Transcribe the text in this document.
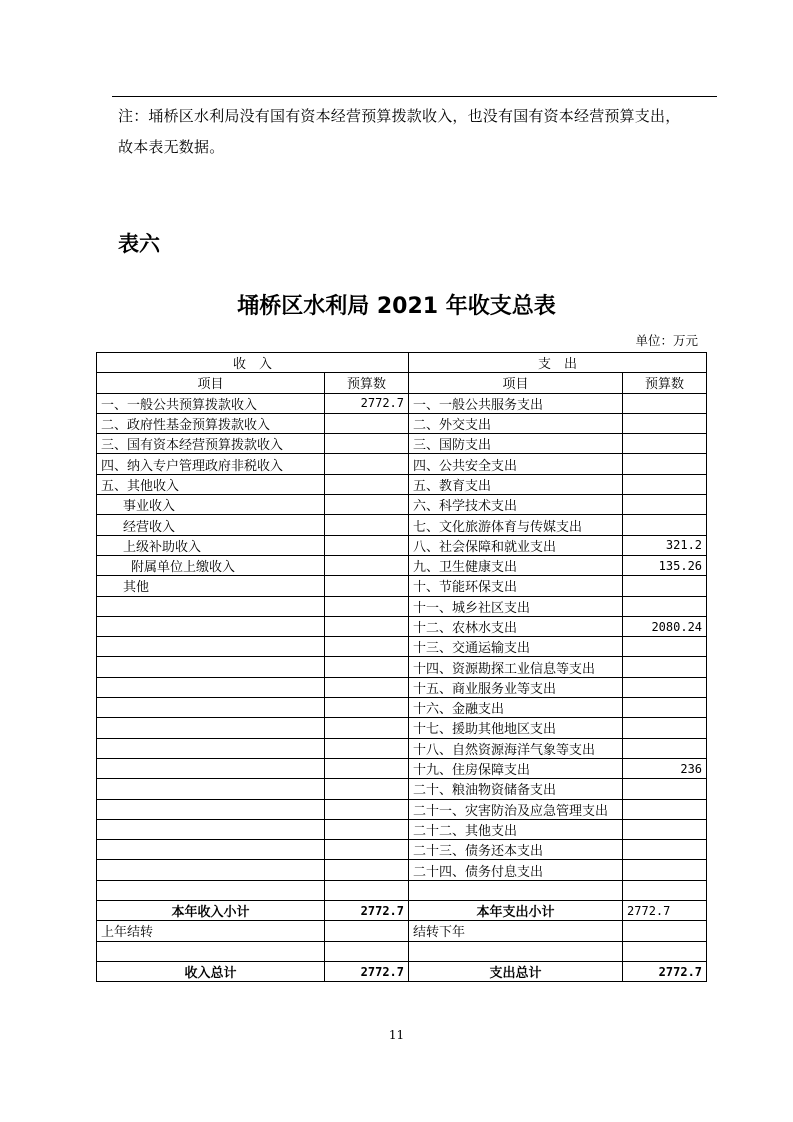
注：埇桥区水利局没有国有资本经营预算拨款收入，也没有国有资本经营预算支出，
故本表无数据。
表六
埇桥区水利局 2021 年收支总表
单位：万元
收　入		支　出	
项目	预算数	项目	预算数
一、一般公共预算拨款收入	2772.7	一、一般公共服务支出	
二、政府性基金预算拨款收入		二、外交支出	
三、国有资本经营预算拨款收入		三、国防支出	
四、纳入专户管理政府非税收入		四、公共安全支出	
五、其他收入		五、教育支出	
事业收入		六、科学技术支出	
经营收入		七、文化旅游体育与传媒支出	
上级补助收入		八、社会保障和就业支出	321.2
附属单位上缴收入		九、卫生健康支出	135.26
其他		十、节能环保支出	
		十一、城乡社区支出	
		十二、农林水支出	2080.24
		十三、交通运输支出	
		十四、资源勘探工业信息等支出	
		十五、商业服务业等支出	
		十六、金融支出	
		十七、援助其他地区支出	
		十八、自然资源海洋气象等支出	
		十九、住房保障支出	236
		二十、粮油物资储备支出	
		二十一、灾害防治及应急管理支出	
		二十二、其他支出	
		二十三、债务还本支出	
		二十四、债务付息支出	

本年收入小计	2772.7	本年支出小计	2772.7
上年结转		结转下年	

收入总计	2772.7	支出总计	2772.7
11
